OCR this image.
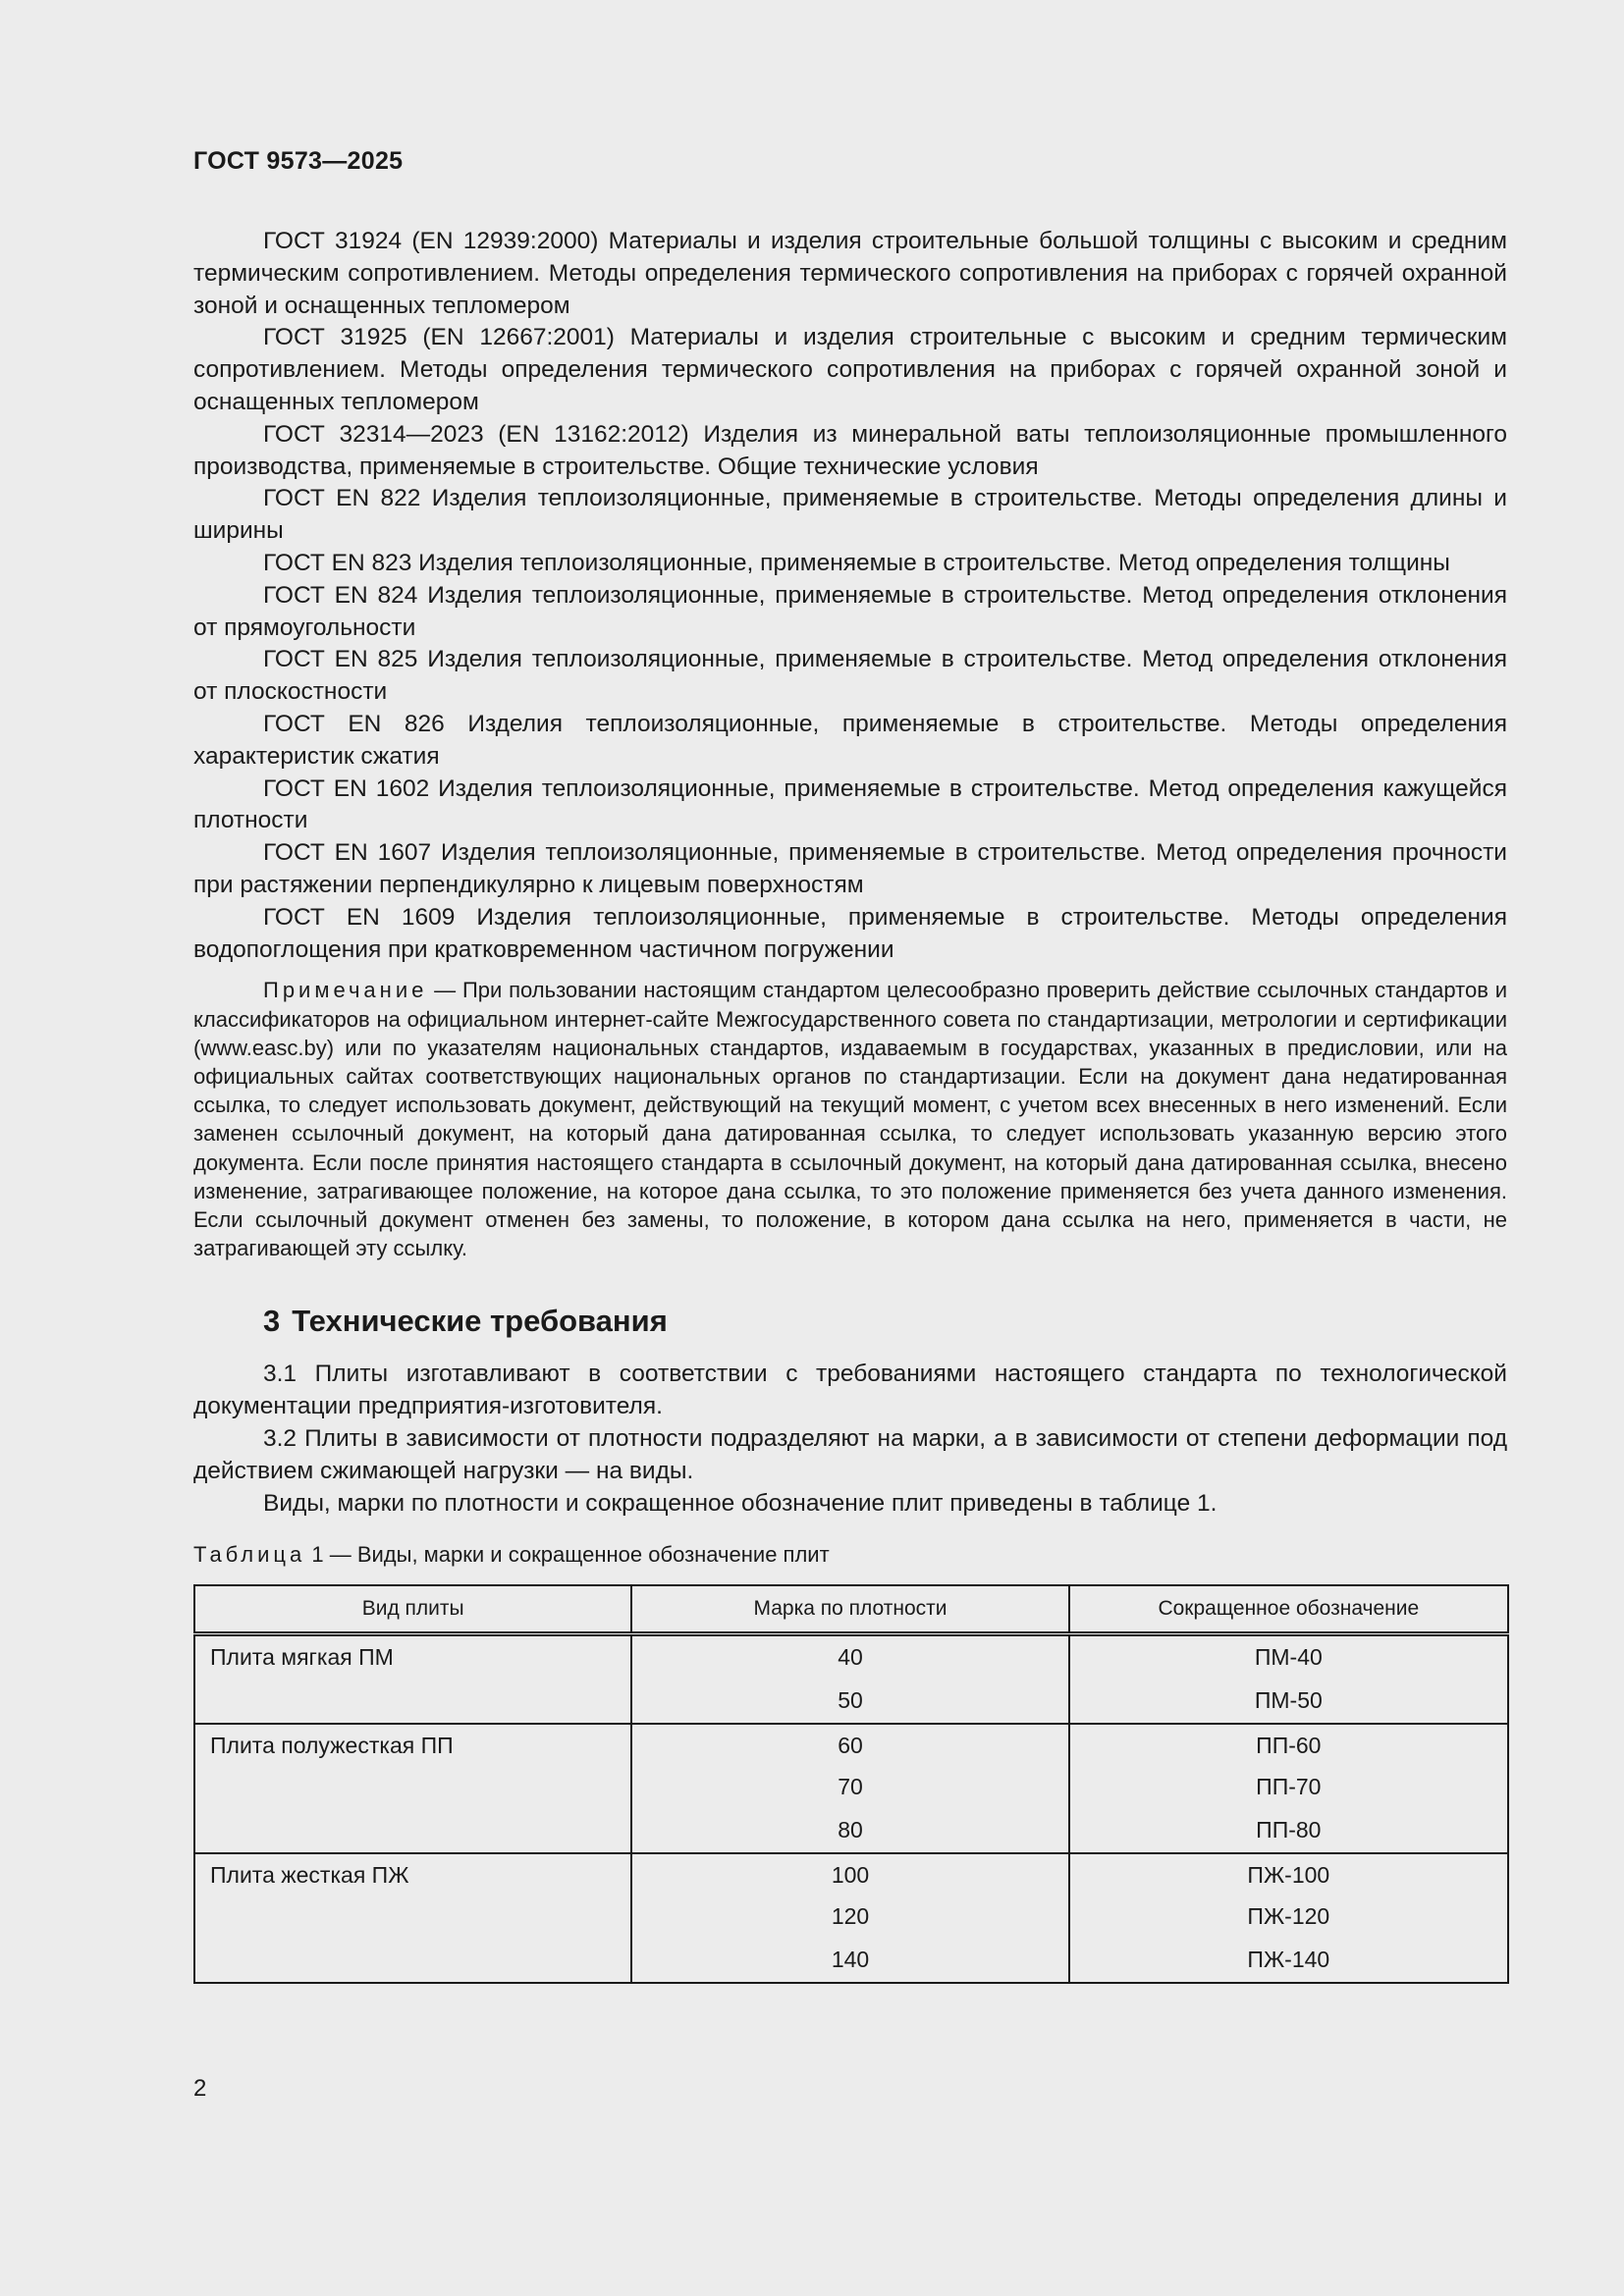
ГОСТ 9573—2025

ГОСТ 31924 (EN 12939:2000) Материалы и изделия строительные большой толщины с высоким и средним термическим сопротивлением. Методы определения термического сопротивления на приборах с горячей охранной зоной и оснащенных тепломером

ГОСТ 31925 (EN 12667:2001) Материалы и изделия строительные с высоким и средним термическим сопротивлением. Методы определения термического сопротивления на приборах с горячей охранной зоной и оснащенных тепломером

ГОСТ 32314—2023 (EN 13162:2012) Изделия из минеральной ваты теплоизоляционные промышленного производства, применяемые в строительстве. Общие технические условия

ГОСТ EN 822 Изделия теплоизоляционные, применяемые в строительстве. Методы определения длины и ширины

ГОСТ EN 823 Изделия теплоизоляционные, применяемые в строительстве. Метод определения толщины

ГОСТ EN 824 Изделия теплоизоляционные, применяемые в строительстве. Метод определения отклонения от прямоугольности

ГОСТ EN 825 Изделия теплоизоляционные, применяемые в строительстве. Метод определения отклонения от плоскостности

ГОСТ EN 826 Изделия теплоизоляционные, применяемые в строительстве. Методы определения характеристик сжатия

ГОСТ EN 1602 Изделия теплоизоляционные, применяемые в строительстве. Метод определения кажущейся плотности

ГОСТ EN 1607 Изделия теплоизоляционные, применяемые в строительстве. Метод определения прочности при растяжении перпендикулярно к лицевым поверхностям

ГОСТ EN 1609 Изделия теплоизоляционные, применяемые в строительстве. Методы определения водопоглощения при кратковременном частичном погружении

Примечание — При пользовании настоящим стандартом целесообразно проверить действие ссылочных стандартов и классификаторов на официальном интернет-сайте Межгосударственного совета по стандартизации, метрологии и сертификации (www.easc.by) или по указателям национальных стандартов, издаваемым в государствах, указанных в предисловии, или на официальных сайтах соответствующих национальных органов по стандартизации. Если на документ дана недатированная ссылка, то следует использовать документ, действующий на текущий момент, с учетом всех внесенных в него изменений. Если заменен ссылочный документ, на который дана датированная ссылка, то следует использовать указанную версию этого документа. Если после принятия настоящего стандарта в ссылочный документ, на который дана датированная ссылка, внесено изменение, затрагивающее положение, на которое дана ссылка, то это положение применяется без учета данного изменения. Если ссылочный документ отменен без замены, то положение, в котором дана ссылка на него, применяется в части, не затрагивающей эту ссылку.

3 Технические требования

3.1 Плиты изготавливают в соответствии с требованиями настоящего стандарта по технологической документации предприятия-изготовителя.

3.2 Плиты в зависимости от плотности подразделяют на марки, а в зависимости от степени деформации под действием сжимающей нагрузки — на виды.

Виды, марки по плотности и сокращенное обозначение плит приведены в таблице 1.

Таблица 1 — Виды, марки и сокращенное обозначение плит

Вид плиты	Марка по плотности	Сокращенное обозначение
Плита мягкая ПМ	40	ПМ-40
	50	ПМ-50
Плита полужесткая ПП	60	ПП-60
	70	ПП-70
	80	ПП-80
Плита жесткая ПЖ	100	ПЖ-100
	120	ПЖ-120
	140	ПЖ-140
2
